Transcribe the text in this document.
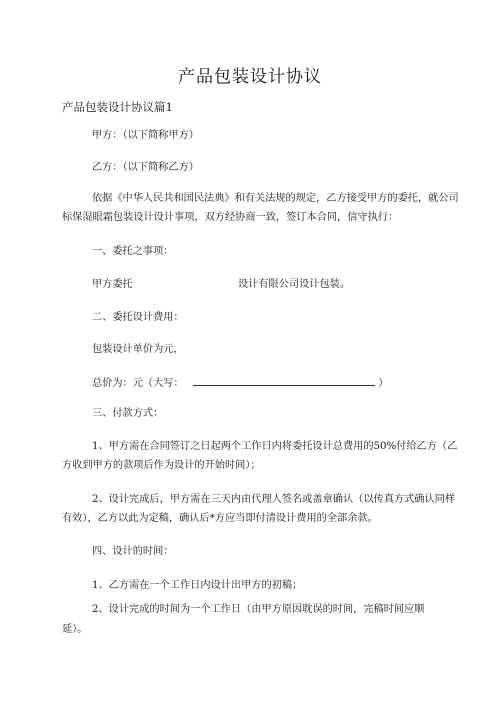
产品包装设计协议
产品包装设计协议篇1
甲方：（以下简称甲方）
乙方：（以下简称乙方）
依据《中华人民共和国民法典》和有关法规的规定，乙方接受甲方的委托，就公司
标保湿眼霜包装设计设计事项，双方经协商一致，签订本合同，信守执行：
一、委托之事项：
甲方委托	设计有限公司设计包装。
二、委托设计费用：
包装设计单价为元，
总价为：元（大写：	）
三、付款方式：
1、甲方需在合同签订之日起两个工作日内将委托设计总费用的50%付给乙方（乙
方收到甲方的款项后作为设计的开始时间）；
2、设计完成后，甲方需在三天内由代理人签名或盖章确认（以传真方式确认同样
有效），乙方以此为定稿，确认后*方应当即付清设计费用的全部余款。
四、设计的时间：
1、乙方需在一个工作日内设计出甲方的初稿；
2、设计完成的时间为一个工作日（由甲方原因耽误的时间，完稿时间应顺
延）。
